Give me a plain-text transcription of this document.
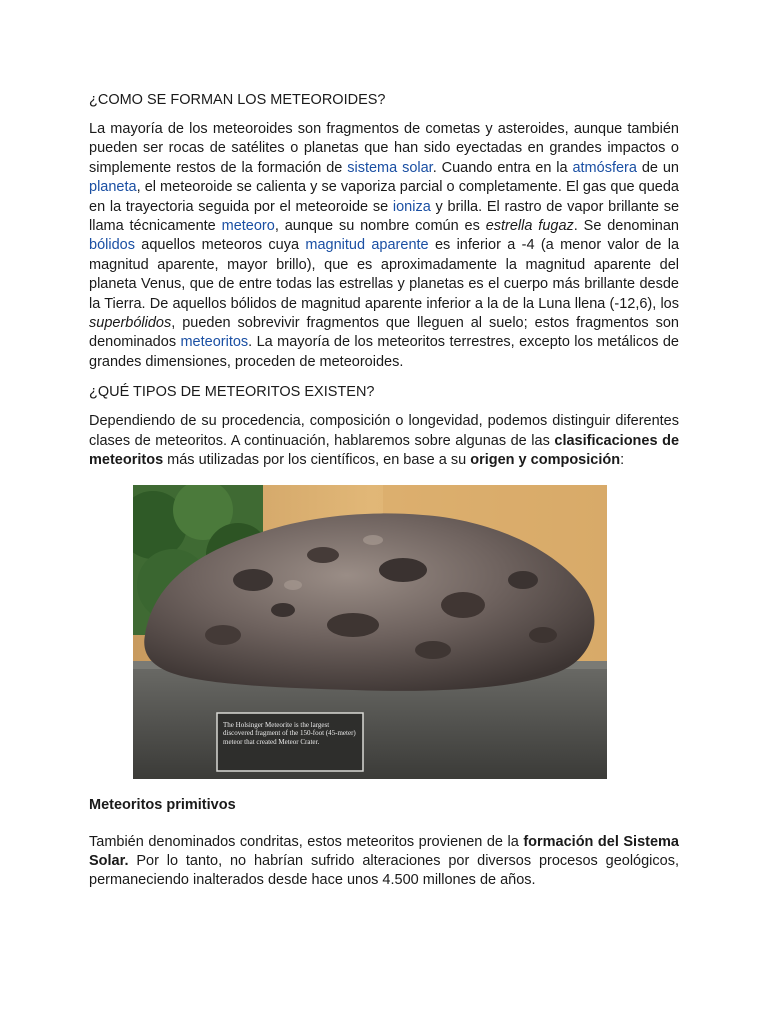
¿COMO SE FORMAN LOS METEOROIDES?

La mayoría de los meteoroides son fragmentos de cometas y asteroides, aunque también pueden ser rocas de satélites o planetas que han sido eyectadas en grandes impactos o simplemente restos de la formación de sistema solar. Cuando entra en la atmósfera de un planeta, el meteoroide se calienta y se vaporiza parcial o completamente. El gas que queda en la trayectoria seguida por el meteoroide se ioniza y brilla. El rastro de vapor brillante se llama técnicamente meteoro, aunque su nombre común es estrella fugaz. Se denominan bólidos aquellos meteoros cuya magnitud aparente es inferior a -4 (a menor valor de la magnitud aparente, mayor brillo), que es aproximadamente la magnitud aparente del planeta Venus, que de entre todas las estrellas y planetas es el cuerpo más brillante desde la Tierra. De aquellos bólidos de magnitud aparente inferior a la de la Luna llena (-12,6), los superbólidos, pueden sobrevivir fragmentos que lleguen al suelo; estos fragmentos son denominados meteoritos. La mayoría de los meteoritos terrestres, excepto los metálicos de grandes dimensiones, proceden de meteoroides.

¿QUÉ TIPOS DE METEORITOS EXISTEN?

Dependiendo de su procedencia, composición o longevidad, podemos distinguir diferentes clases de meteoritos. A continuación, hablaremos sobre algunas de las clasificaciones de meteoritos más utilizadas por los científicos, en base a su origen y composición:

The Holsinger Meteorite is the largest discovered fragment of the 150-foot (45-meter) meteor that created Meteor Crater.
Meteoritos primitivos

También denominados condritas, estos meteoritos provienen de la formación del Sistema Solar. Por lo tanto, no habrían sufrido alteraciones por diversos procesos geológicos, permaneciendo inalterados desde hace unos 4.500 millones de años.
